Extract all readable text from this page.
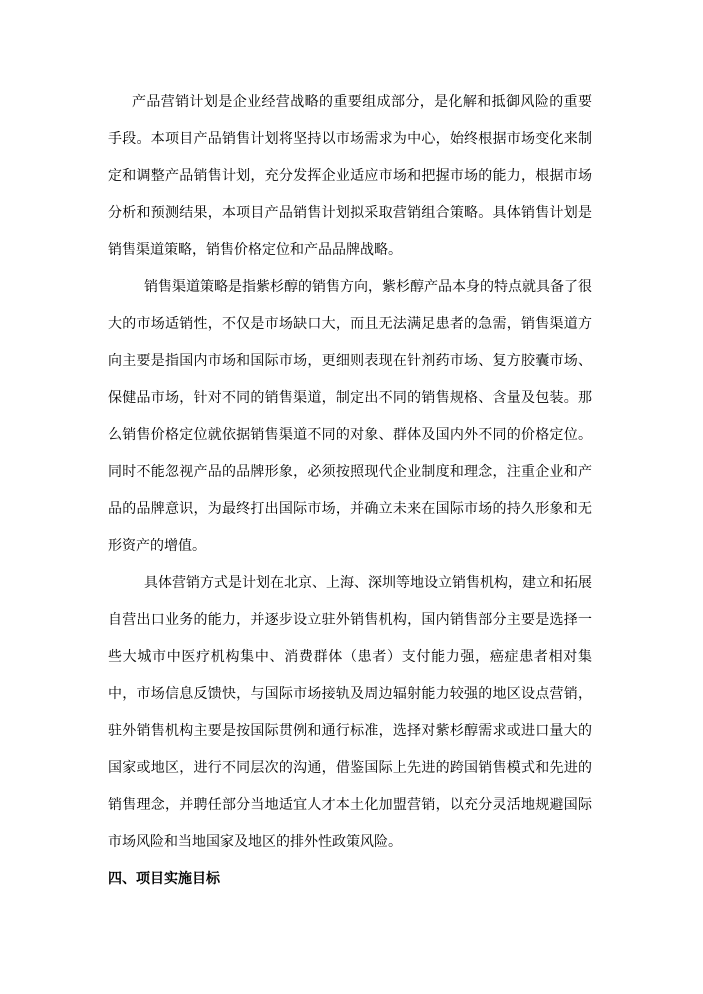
产品营销计划是企业经营战略的重要组成部分，是化解和抵御风险的重要手段。本项目产品销售计划将坚持以市场需求为中心，始终根据市场变化来制定和调整产品销售计划，充分发挥企业适应市场和把握市场的能力，根据市场分析和预测结果，本项目产品销售计划拟采取营销组合策略。具体销售计划是销售渠道策略，销售价格定位和产品品牌战略。

销售渠道策略是指紫杉醇的销售方向，紫杉醇产品本身的特点就具备了很大的市场适销性，不仅是市场缺口大，而且无法满足患者的急需，销售渠道方向主要是指国内市场和国际市场，更细则表现在针剂药市场、复方胶囊市场、保健品市场，针对不同的销售渠道，制定出不同的销售规格、含量及包装。那么销售价格定位就依据销售渠道不同的对象、群体及国内外不同的价格定位。同时不能忽视产品的品牌形象，必须按照现代企业制度和理念，注重企业和产品的品牌意识，为最终打出国际市场，并确立未来在国际市场的持久形象和无形资产的增值。

具体营销方式是计划在北京、上海、深圳等地设立销售机构，建立和拓展自营出口业务的能力，并逐步设立驻外销售机构，国内销售部分主要是选择一些大城市中医疗机构集中、消费群体（患者）支付能力强，癌症患者相对集中，市场信息反馈快，与国际市场接轨及周边辐射能力较强的地区设点营销，驻外销售机构主要是按国际贯例和通行标准，选择对紫杉醇需求或进口量大的国家或地区，进行不同层次的沟通，借鉴国际上先进的跨国销售模式和先进的销售理念，并聘任部分当地适宜人才本土化加盟营销，以充分灵活地规避国际市场风险和当地国家及地区的排外性政策风险。

四、项目实施目标
